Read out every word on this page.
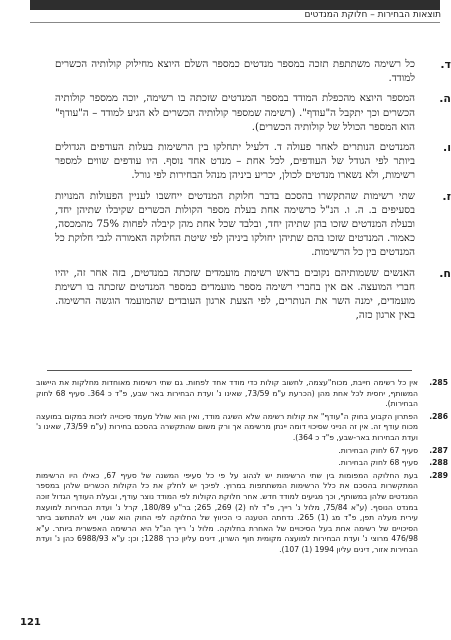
תוצאות הבחירות – חלוקת המנדטים
ד.
כל רשימה משתתפת תזכה במספר מנדטים כמספר השלם היוצא מחילוק קולותיה הכשרים למודד.
ה.
המספר היוצא מהכפלת המודד במספר המנדטים שזכתה בו רשימה, יוכה ממספר קולותיה הכשרים וכך יתקבל ה"עודף". (רשימה שמספר קולותיה הכשרים לא הגיע למודד – ה"עודף" הוא המספר הכולל של קולותיה הכשרים).
ו.
המנדטים הנותרים לאחר פעולה ד. דלעיל יתחלקו בין הרשימות בעלות העודפים הגדולים ביותר לפי הגודל של העודפים, לכל אחת – מנדט אחד נוסף. היו עודפים שווים למספר רשימות, ולא נשארו מנדטים לכולן, יכריע ביניהן מנהל הבחירות לפי גורל.
ז.
שתי רשימות שהתקשרו בהסכם בדבר חלוקת המנדטים ייחשבו לעניין הפעולות המנויות בסעיפים ב. ה. ו. הנ"ל כרשימה אחת בעלת מספר הקולות הכשרים שקיבלו שתיהן יחד, ובעלת המנדטים שזכו בהן שתיהן יחד, ובלבד שכל אחת מהן קיבלה לפחות 75% מהמכסה, כאמור. המנדטים שזכו בהם שתיהן יחולקו ביניהן לפי שיטת החלוקה האמורה לגבי חלוקת כל המנדטים בין כל הרשימות.
ח.
האנשים ששמותיהם נקובים בראש רשימת מועמדים שזכתה במנדטים, בזה אחר זה, יהיו חברי המועצה. אם אין בחברי רשימה מספר מועמדים כמספר המנדטים שזכתה בו רשימת מועמדים, ימנה השר את הנותרים, לפי הצעת ארגון העובדים שהמועמד הוגשה הרשימה. באין ארגון כזה,
285.
אין כל רשימה חייבת, מכוח"עצמה, לחשוב קולות כדי מודד אחד לפחות. גם שתי רשימות מאוחדות מחלקות את היישוב המשותף, יחסית לכל אחת מהן (הכרעת ע"מ 73/59, שאינו נ' ועדת הבחירות באר שבע, פ"ד כ 364. סעיף 68 לחוק הבחירות).
286.
הפתרון הקבוע בחוק ה"עודף" את קולות רשימה שלא השיגה מודד, ואין הוא שולל מעמד סיכוייה לזכות במקום במועצה מכוח עודף זה. אין זה הנייני שסיכוי דומה יינתן מרשימה אך ורק משום שהתקשרה בהסכם בחירות (ע"מ 73/59, שאינו נ' ועדת הבחירות באר-שבע, פ"ד כ 364).
287.
סעיף 67 לחוק הבחירות.
288.
סעיף 68 לחוק הבחירות.
289.
בעת החלוקה המפומות בין שתי הרשימות יש לנהוג על פי כל סעיפי המשנה של סעיף 67, כאילו היו הרשימות המתקשרות בהסכם את כלל הרשימות המשתתפות במרוץ. לפיכך יש לחלק את כל הקולות הכשרים שלהן במספר המנדטים שלהן במשותף, וכך מגיעים למודד חדש. אחר חלוקת הקולות לפי המודד נוצר עודף, ובעלת העודף הגדול זוכה במנדט הנוסף. (ע"א 75/84, מלול נ' רייך, פ"ד לח (2) 269, 265; בר"ע 180/89, קרל נ' ועדת הבחירות למועצת עירית מעלה תפן, פ"ד מג (1) 265. נדחתה הטענה כי הכיווץ של החלוקה לפי החוק הוא שגוי, ויש להתחשב ביתר הסיכויים של רשימה אחת בעל הסיכויים של האחרת בחלוקה. מלול נ' רייך הנ"ל היא הרשימה האפשרית ביותר. ע"א 476/98 מרוצי נ' ועדת הבחירות למועצה מקומית חוף השרון, דינים עליון כרך 1288; וכן: ע"א 6988/93 כהן נ' ועדת הבחירות אזור, דינים עליון 1994 (1) 107).
121
